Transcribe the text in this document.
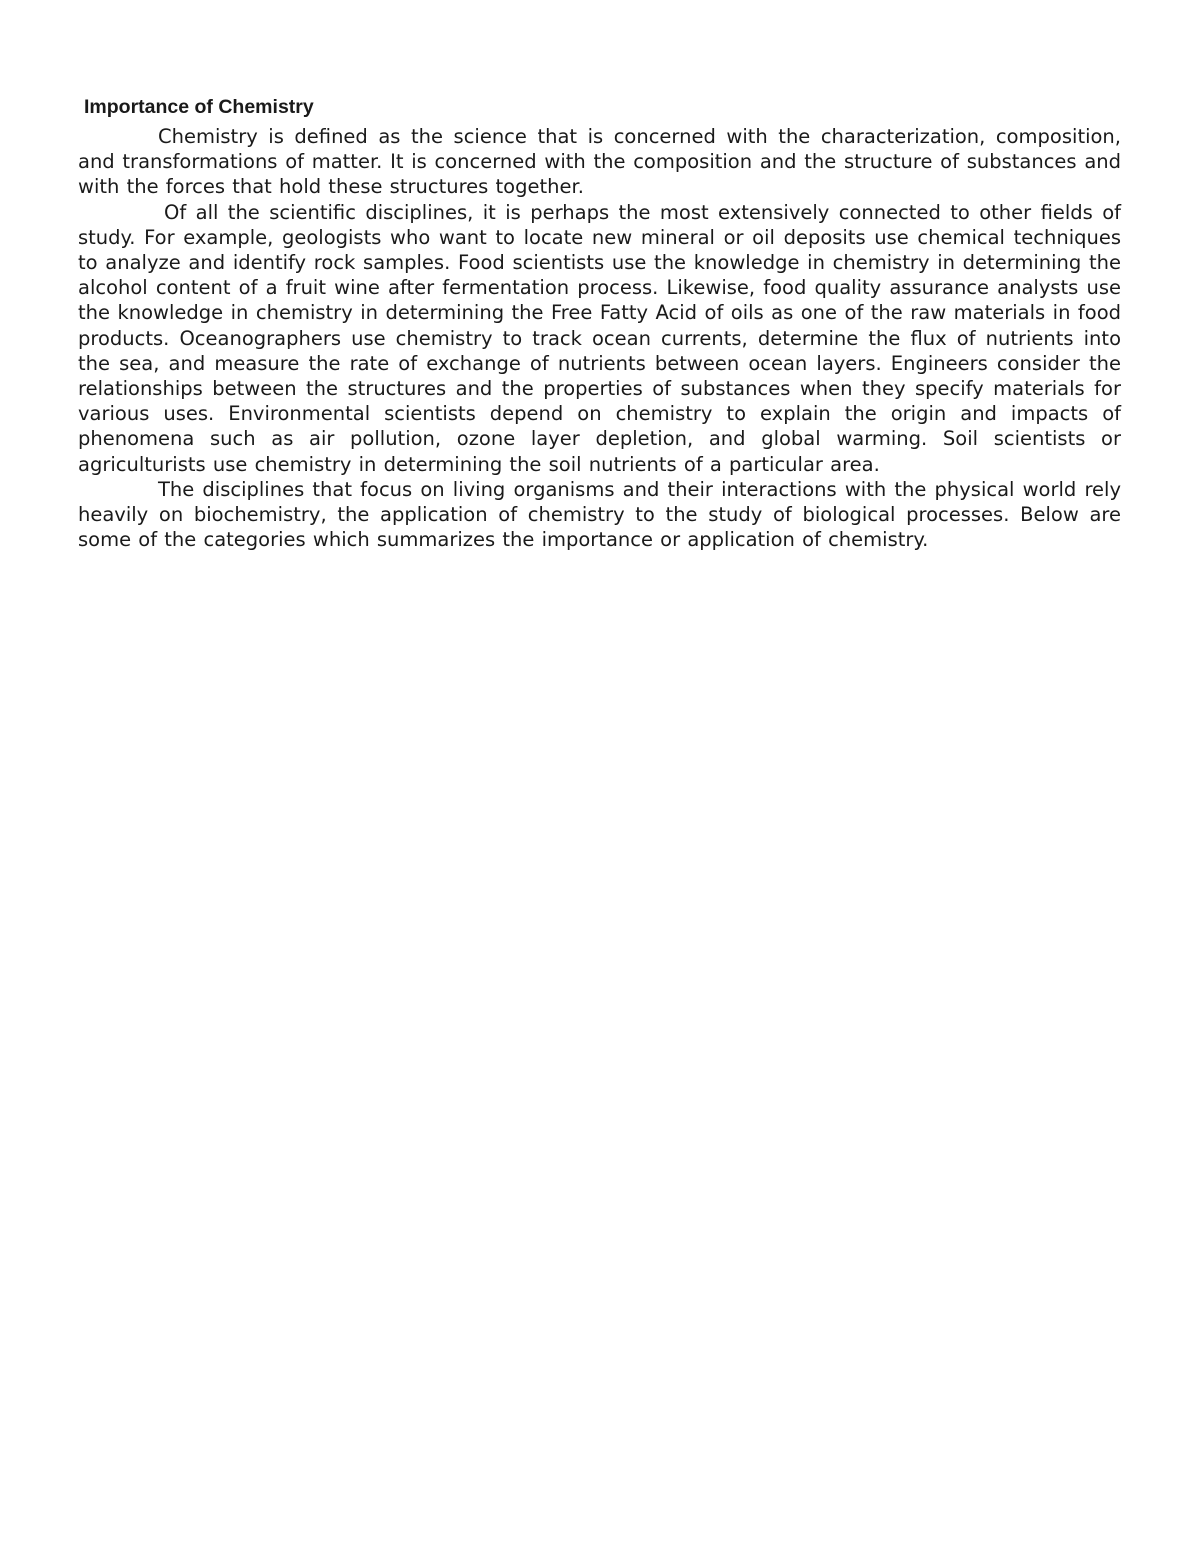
Importance of Chemistry

Chemistry is defined as the science that is concerned with the characterization, composition, and transformations of matter. It is concerned with the composition and the structure of substances and with the forces that hold these structures together.

Of all the scientific disciplines, it is perhaps the most extensively connected to other fields of study. For example, geologists who want to locate new mineral or oil deposits use chemical techniques to analyze and identify rock samples. Food scientists use the knowledge in chemistry in determining the alcohol content of a fruit wine after fermentation process. Likewise, food quality assurance analysts use the knowledge in chemistry in determining the Free Fatty Acid of oils as one of the raw materials in food products. Oceanographers use chemistry to track ocean currents, determine the flux of nutrients into the sea, and measure the rate of exchange of nutrients between ocean layers. Engineers consider the relationships between the structures and the properties of substances when they specify materials for various uses. Environmental scientists depend on chemistry to explain the origin and impacts of phenomena such as air pollution, ozone layer depletion, and global warming. Soil scientists or agriculturists use chemistry in determining the soil nutrients of a particular area.

The disciplines that focus on living organisms and their interactions with the physical world rely heavily on biochemistry, the application of chemistry to the study of biological processes. Below are some of the categories which summarizes the importance or application of chemistry.
